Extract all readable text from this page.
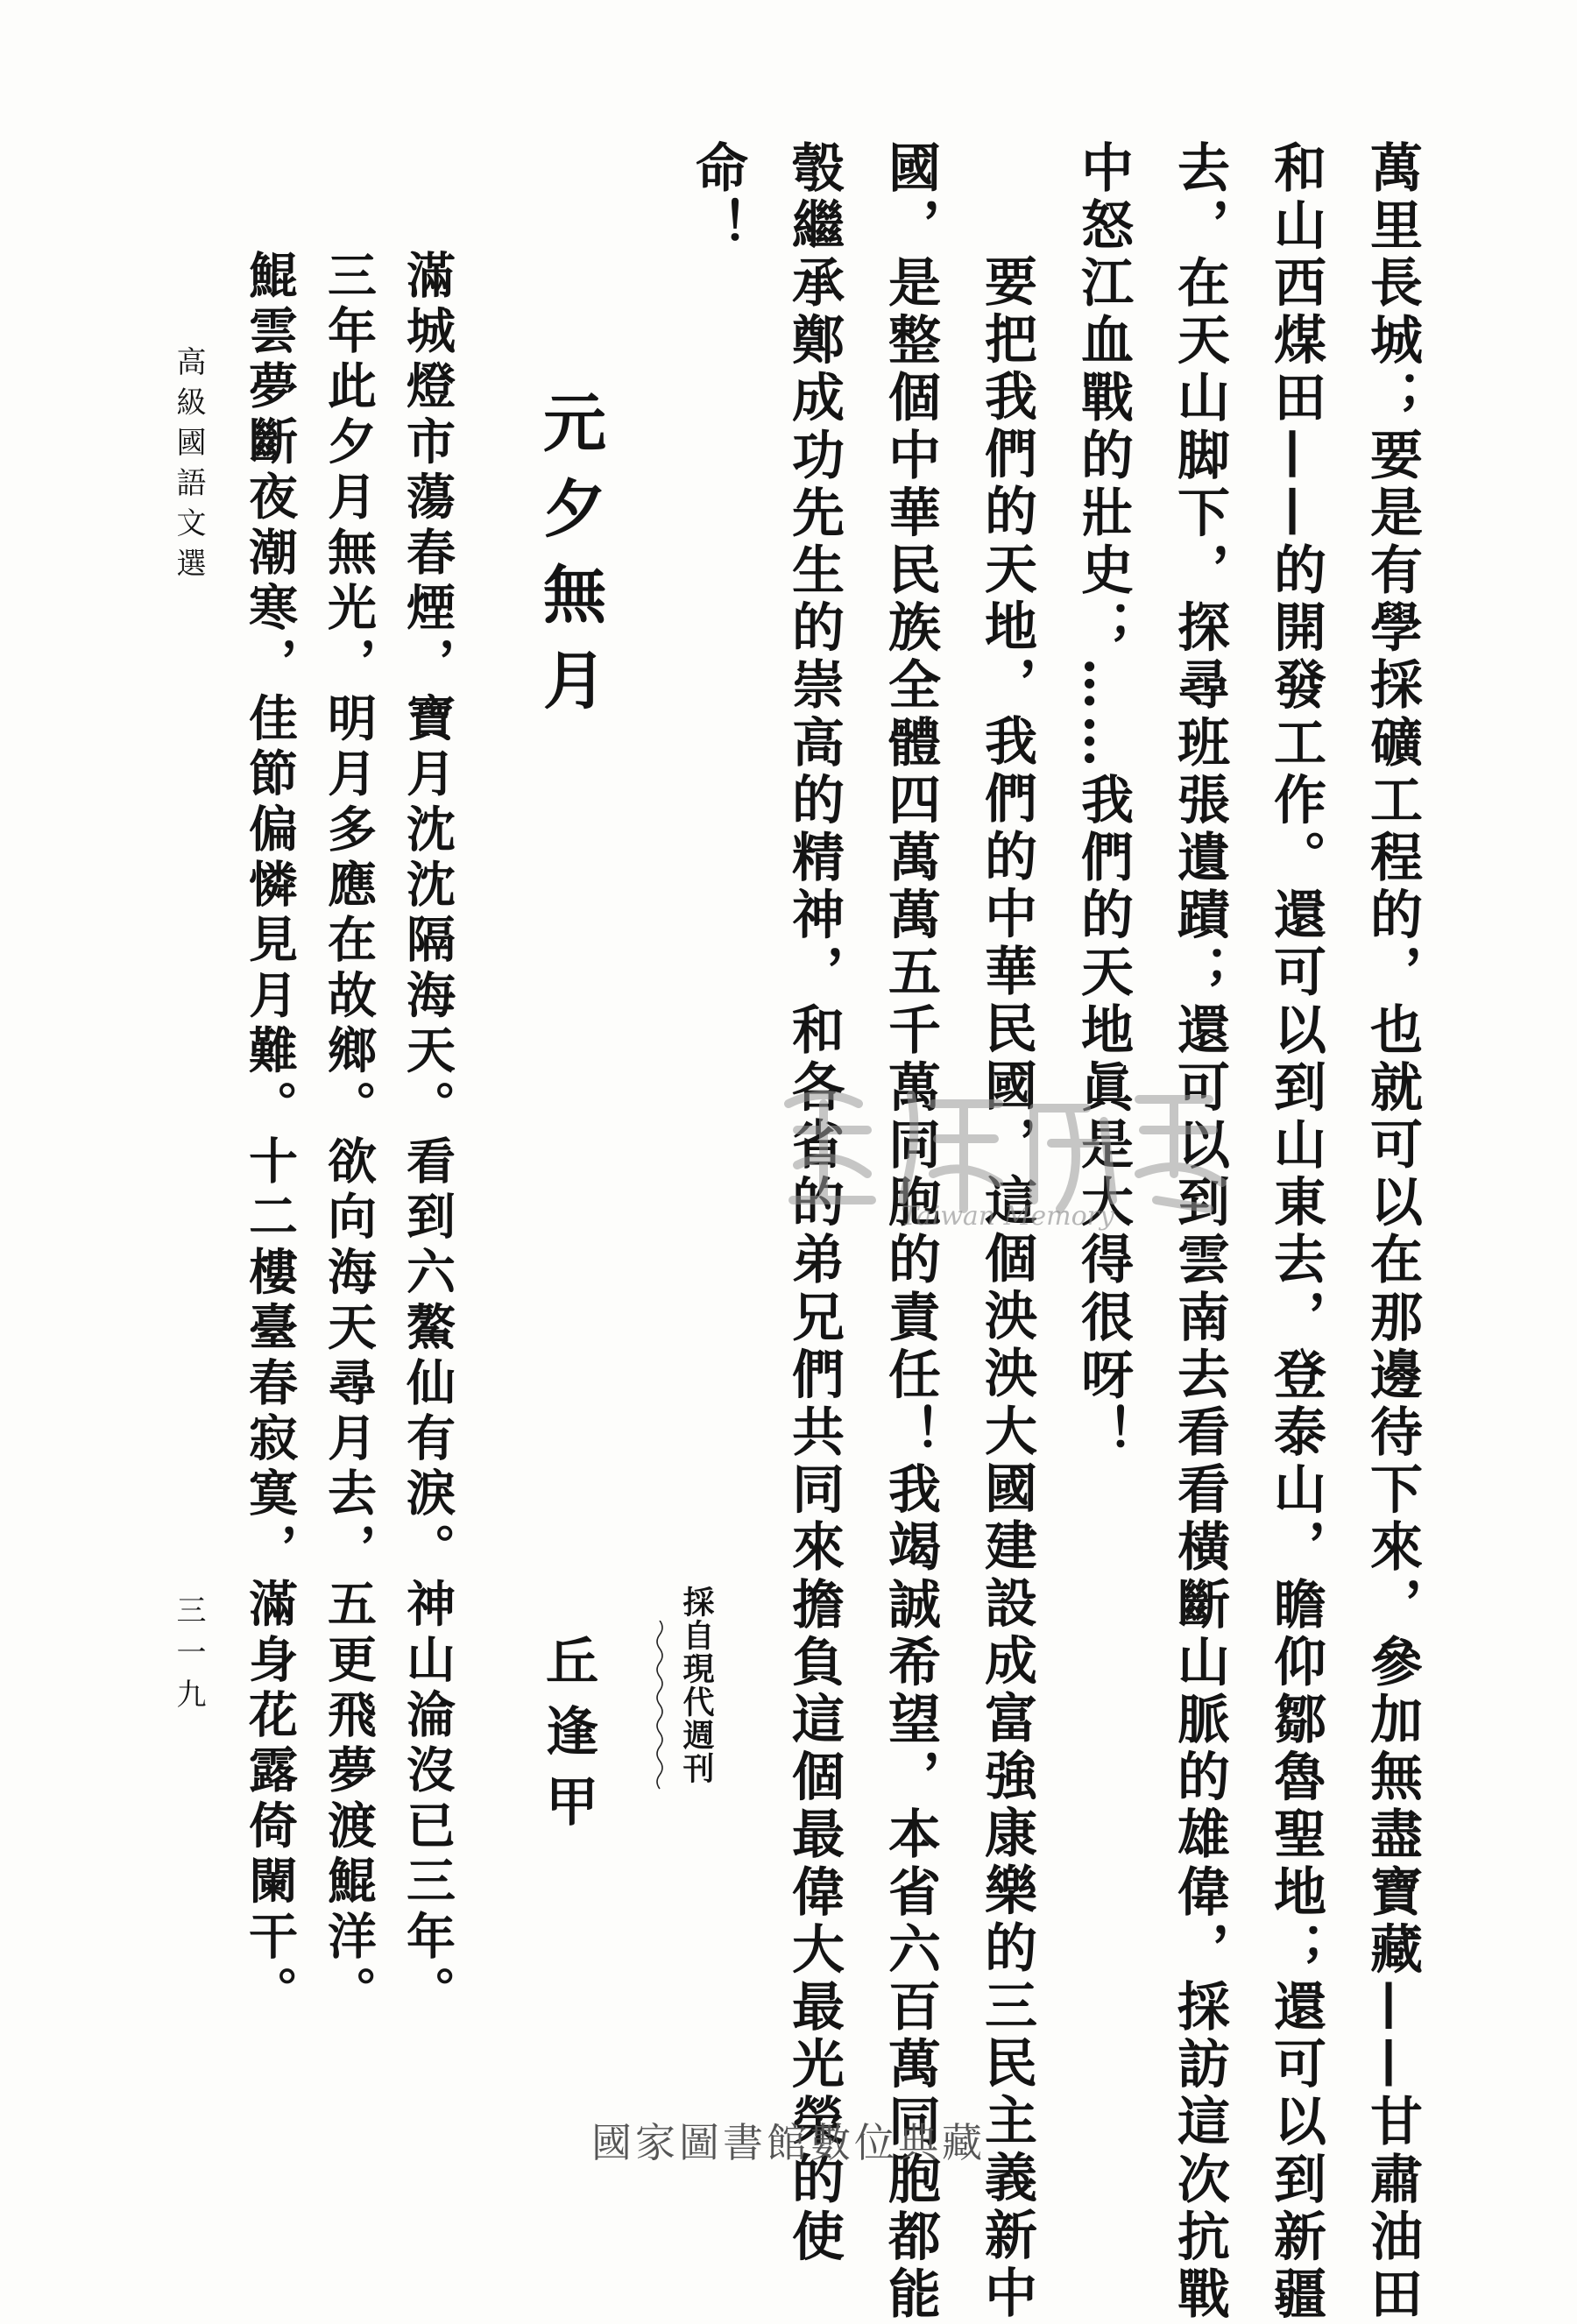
萬里長城；要是有學採礦工程的，也就可以在那邊待下來，參加無盡寶藏——甘肅油田
和山西煤田——的開發工作。還可以到山東去，登泰山，瞻仰鄒魯聖地；還可以到新疆
去，在天山脚下，探尋班張遺蹟；還可以到雲南去看看橫斷山脈的雄偉，採訪這次抗戰
中怒江血戰的壯史；……我們的天地眞是大得很呀！
要把我們的天地，我們的中華民國，這個泱泱大國建設成富強康樂的三民主義新中
國，是整個中華民族全體四萬萬五千萬同胞的責任！我竭誠希望，本省六百萬同胞都能
彀繼承鄭成功先生的崇高的精神，和各省的弟兄們共同來擔負這個最偉大最光榮的使
命！
採自現代週刊
元夕無月
丘逢甲
滿城燈市蕩春煙，寶月沈沈隔海天。看到六鰲仙有淚。神山淪沒已三年。
三年此夕月無光，明月多應在故鄉。欲向海天尋月去，五更飛夢渡鯤洋。
鯤雲夢斷夜潮寒，佳節偏憐見月難。十二樓臺春寂寞，滿身花露倚闌干。
高級國語文選
三一九
Taiwan Memory
國家圖書館數位典藏
